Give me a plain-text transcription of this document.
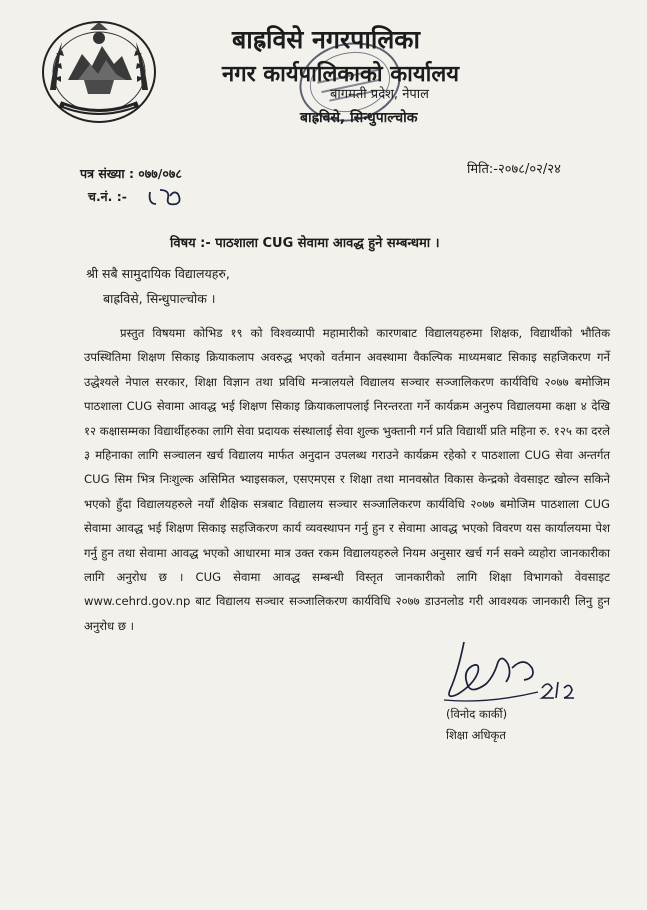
बाह्रविसे नगरपालिका
नगर कार्यपालिकाको कार्यालय
बागमती प्रदेश, नेपाल
बाह्रविसे, सिन्धुपाल्चोक
पत्र संख्या : ०७७/०७८
च.नं. :-
मिति:-२०७८/०२/२४
विषय :- पाठशाला CUG सेवामा आवद्ध हुने सम्बन्धमा ।
श्री सबै सामुदायिक विद्यालयहरु,
बाह्रविसे, सिन्धुपाल्चोक ।
प्रस्तुत विषयमा कोभिड १९ को विश्वव्यापी महामारीको कारणबाट विद्यालयहरुमा शिक्षक, विद्यार्थीको भौतिक उपस्थितिमा शिक्षण सिकाइ क्रियाकलाप अवरुद्ध भएको वर्तमान अवस्थामा वैकल्पिक माध्यमबाट सिकाइ सहजिकरण गर्ने उद्धेश्यले नेपाल सरकार, शिक्षा विज्ञान तथा प्रविधि मन्त्रालयले विद्यालय सञ्चार सञ्जालिकरण कार्यविधि २०७७ बमोजिम पाठशाला CUG सेवामा आवद्ध भई शिक्षण सिकाइ क्रियाकलापलाई निरन्तरता गर्ने कार्यक्रम अनुरुप विद्यालयमा कक्षा ४ देखि १२ कक्षासम्मका विद्यार्थीहरुका लागि सेवा प्रदायक संस्थालाई सेवा शुल्क भुक्तानी गर्न प्रति विद्यार्थी प्रति महिना रु. १२५ का दरले ३ महिनाका लागि सञ्चालन खर्च विद्यालय मार्फत अनुदान उपलब्ध गराउने कार्यक्रम रहेको र पाठशाला CUG सेवा अन्तर्गत CUG सिम भित्र निःशुल्क असिमित भ्याइसकल, एसएमएस र शिक्षा तथा मानवस्रोत विकास केन्द्रको वेवसाइट खोल्न सकिने भएको हुँदा विद्यालयहरुले नयाँ शैक्षिक सत्रबाट विद्यालय सञ्चार सञ्जालिकरण कार्यविधि २०७७ बमोजिम पाठशाला CUG सेवामा आवद्ध भई शिक्षण सिकाइ सहजिकरण कार्य व्यवस्थापन गर्नु हुन र सेवामा आवद्ध भएको विवरण यस कार्यालयमा पेश गर्नु हुन तथा सेवामा आवद्ध भएको आधारमा मात्र उक्त रकम विद्यालयहरुले नियम अनुसार खर्च गर्न सक्ने व्यहोरा जानकारीका लागि अनुरोध छ । CUG सेवामा आवद्ध सम्बन्धी विस्तृत जानकारीको लागि शिक्षा विभागको वेवसाइट www.cehrd.gov.np बाट विद्यालय सञ्चार सञ्जालिकरण कार्यविधि २०७७ डाउनलोड गरी आवश्यक जानकारी लिनु हुन अनुरोध छ ।
(विनोद कार्की)
शिक्षा अधिकृत
